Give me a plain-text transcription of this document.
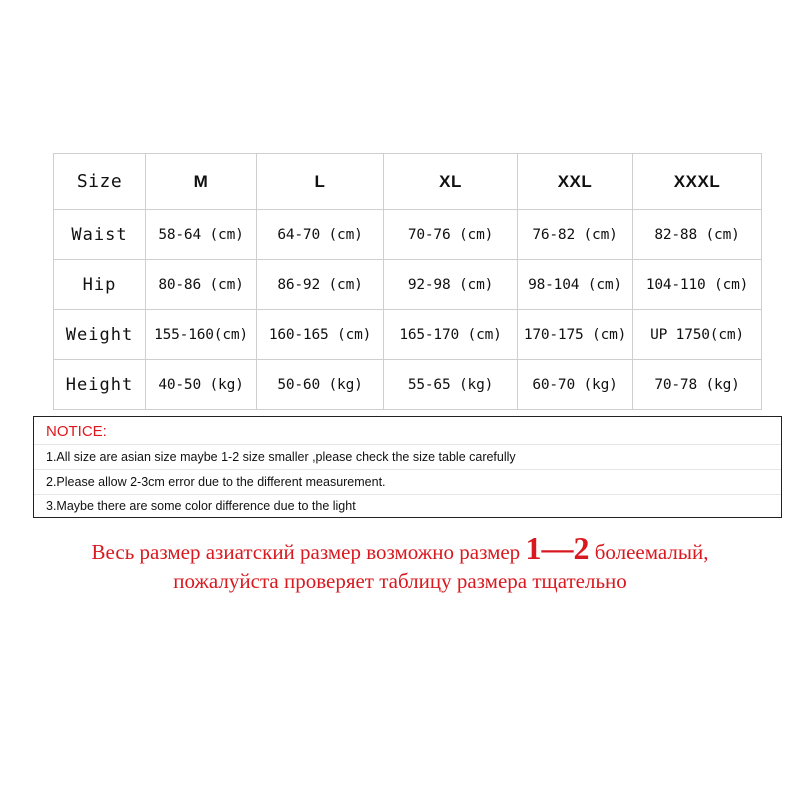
Size	M	L	XL	XXL	XXXL
Waist	58-64 (cm)	64-70 (cm)	70-76 (cm)	76-82 (cm)	82-88 (cm)
Hip	80-86 (cm)	86-92 (cm)	92-98 (cm)	98-104 (cm)	104-110 (cm)
Weight	155-160(cm)	160-165 (cm)	165-170 (cm)	170-175 (cm)	UP 1750(cm)
Height	40-50 (kg)	50-60 (kg)	55-65 (kg)	60-70 (kg)	70-78 (kg)
NOTICE:
1.All size are asian size maybe 1-2 size smaller ,please check the size table carefully
2.Please allow 2-3cm error due to the different measurement.
3.Maybe there are some color difference due to the light
Весь размер азиатский размер возможно размер 1—2 болеемалый,
пожалуйста проверяет таблицу размера тщательно
